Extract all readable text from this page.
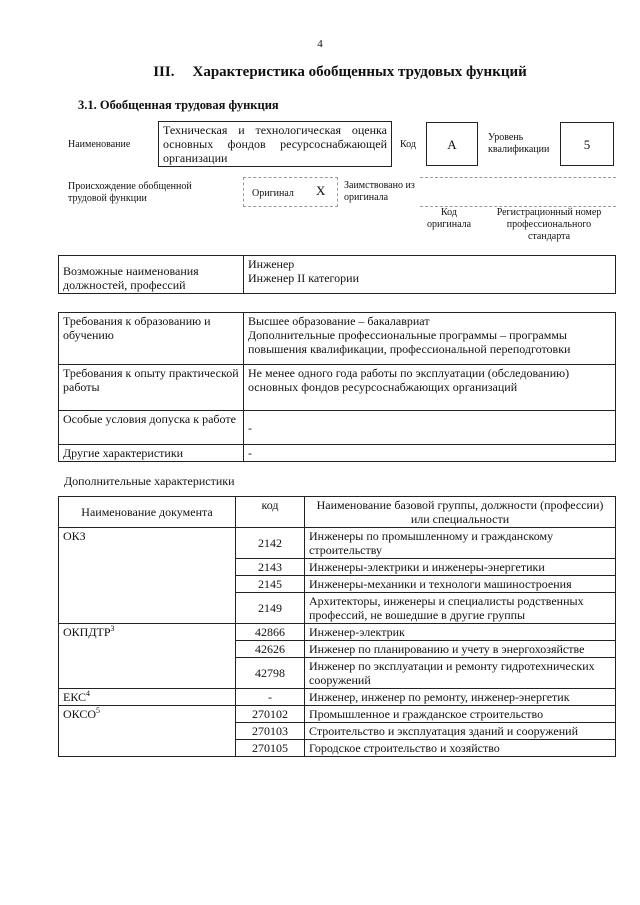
4
III. Характеристика обобщенных трудовых функций
3.1. Обобщенная трудовая функция
Наименование
Техническая и технологическая оценка основных фондов ресурсоснабжающей организации
Код	A	Уровень квалификации	5
Происхождение обобщенной трудовой функции	Оригинал X Заимствовано из оригинала
Код оригинала
Регистрационный номер профессионального стандарта
Возможные наименования должностей, профессий	
Инженер
Инженер II категории
Требования к образованию и обучению	Высшее образование – бакалавриат
Дополнительные профессиональные программы – программы повышения квалификации, профессиональной переподготовки

Требования к опыту практической работы	Не менее одного года работы по эксплуатации (обследованию) основных фондов ресурсоснабжающих организаций

Особые условия допуска к работе	-
Другие характеристики	-
Дополнительные характеристики
Наименование документа	код	Наименование базовой группы, должности (профессии) или специальности
ОКЗ	2142	Инженеры по промышленному и гражданскому строительству
	2143	Инженеры-электрики и инженеры-энергетики
	2145	Инженеры-механики и технологи машиностроения
	2149	Архитекторы, инженеры и специалисты родственных профессий, не вошедшие в другие группы
ОКПДТР$^3$	42866	Инженер-электрик
	42626	Инженер по планированию и учету в энергохозяйстве
	42798	Инженер по эксплуатации и ремонту гидротехнических сооружений
ЕКС$^4$	-	Инженер, инженер по ремонту, инженер-энергетик
ОКСО$^5$	270102	Промышленное и гражданское строительство
	270103	Строительство и эксплуатация зданий и сооружений
	270105	Городское строительство и хозяйство
